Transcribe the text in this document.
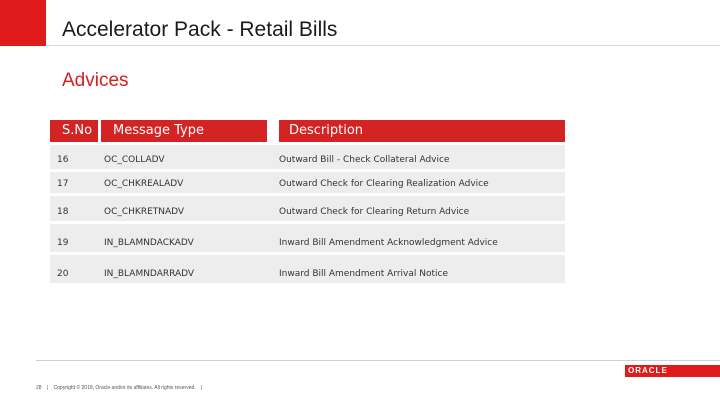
Accelerator Pack - Retail Bills
Advices
S.No	Message Type	Description
16	OC_COLLADV	Outward Bill - Check Collateral Advice
17	OC_CHKREALADV	Outward Check for Clearing Realization Advice
18	OC_CHKRETNADV	Outward Check for Clearing Return Advice
19	IN_BLAMNDACKADV	Inward Bill Amendment Acknowledgment Advice
20	IN_BLAMNDARRADV	Inward Bill Amendment Arrival Notice
ORACLE
28 | Copyright © 2018, Oracle and/or its affiliates. All rights reserved. |
